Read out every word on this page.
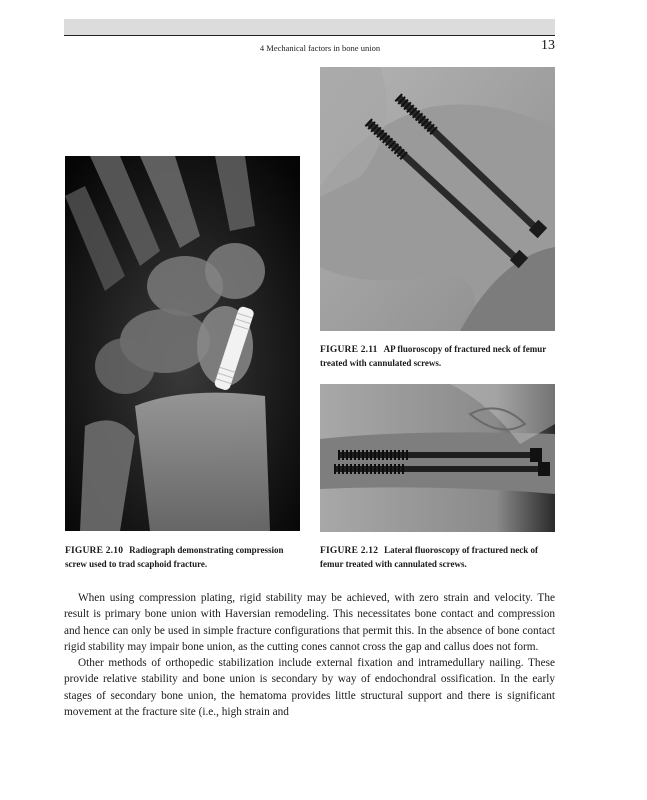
4 Mechanical factors in bone union	13
FIGURE 2.10 Radiograph demonstrating compression screw used to trad scaphoid fracture.
FIGURE 2.11 AP fluoroscopy of fractured neck of femur treated with cannulated screws.
FIGURE 2.12 Lateral fluoroscopy of fractured neck of femur treated with cannulated screws.

When using compression plating, rigid stability may be achieved, with zero strain and velocity. The result is primary bone union with Haversian remodeling. This necessitates bone contact and compression and hence can only be used in simple fracture configurations that permit this. In the absence of bone contact rigid stability may impair bone union, as the cutting cones cannot cross the gap and callus does not form.

Other methods of orthopedic stabilization include external fixation and intramedullary nailing. These provide relative stability and bone union is secondary by way of endochondral ossification. In the early stages of secondary bone union, the hematoma provides little structural support and there is significant movement at the fracture site (i.e., high strain and
